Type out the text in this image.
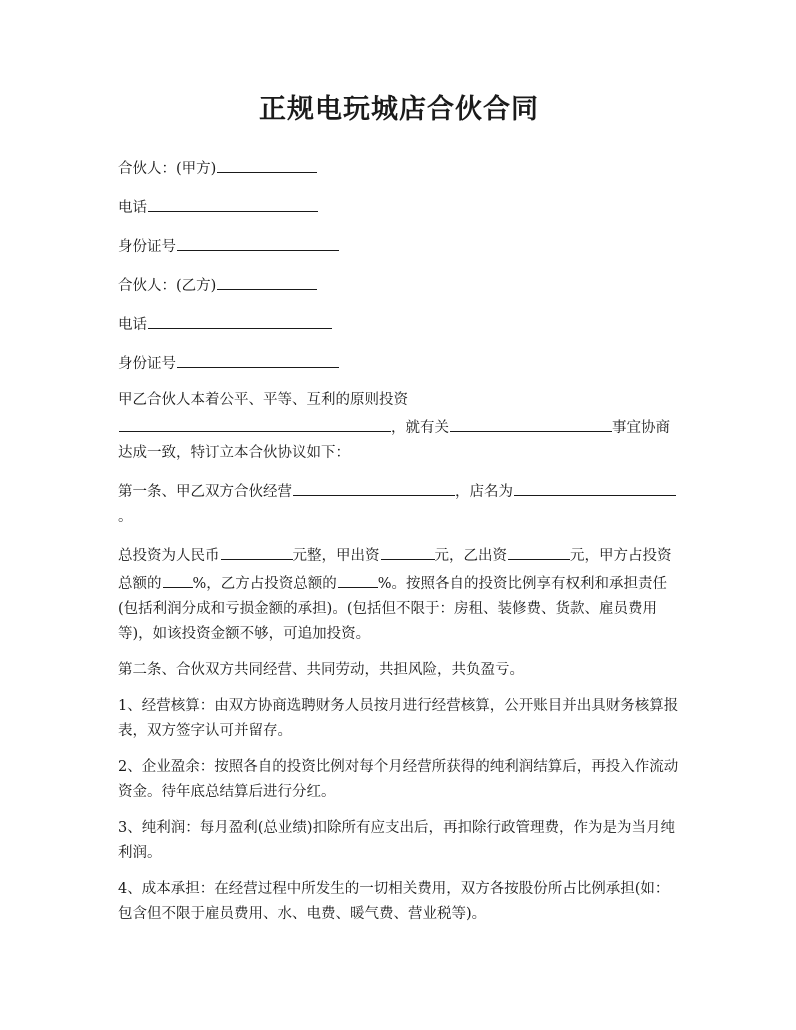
正规电玩城店合伙合同
合伙人：(甲方)
电话
身份证号
合伙人：(乙方)
电话
身份证号
甲乙合伙人本着公平、平等、互利的原则投资，就有关	事宜协商达成一致，特订立本合伙协议如下：
第一条、甲乙双方合伙经营	，店名为。
总投资为人民币	元整，甲出资	元，乙出资	元，甲方占投资总额的 %，乙方占投资总额的	%。按照各自的投资比例享有权利和承担责任(包括利润分成和亏损金额的承担)。(包括但不限于：房租、装修费、货款、雇员费用等)，如该投资金额不够，可追加投资。
第二条、合伙双方共同经营、共同劳动，共担风险，共负盈亏。
1、经营核算：由双方协商选聘财务人员按月进行经营核算，公开账目并出具财务核算报表，双方签字认可并留存。
2、企业盈余：按照各自的投资比例对每个月经营所获得的纯利润结算后，再投入作流动资金。待年底总结算后进行分红。
3、纯利润：每月盈利(总业绩)扣除所有应支出后，再扣除行政管理费，作为是为当月纯利润。
4、成本承担：在经营过程中所发生的一切相关费用，双方各按股份所占比例承担(如：包含但不限于雇员费用、水、电费、暖气费、营业税等)。
